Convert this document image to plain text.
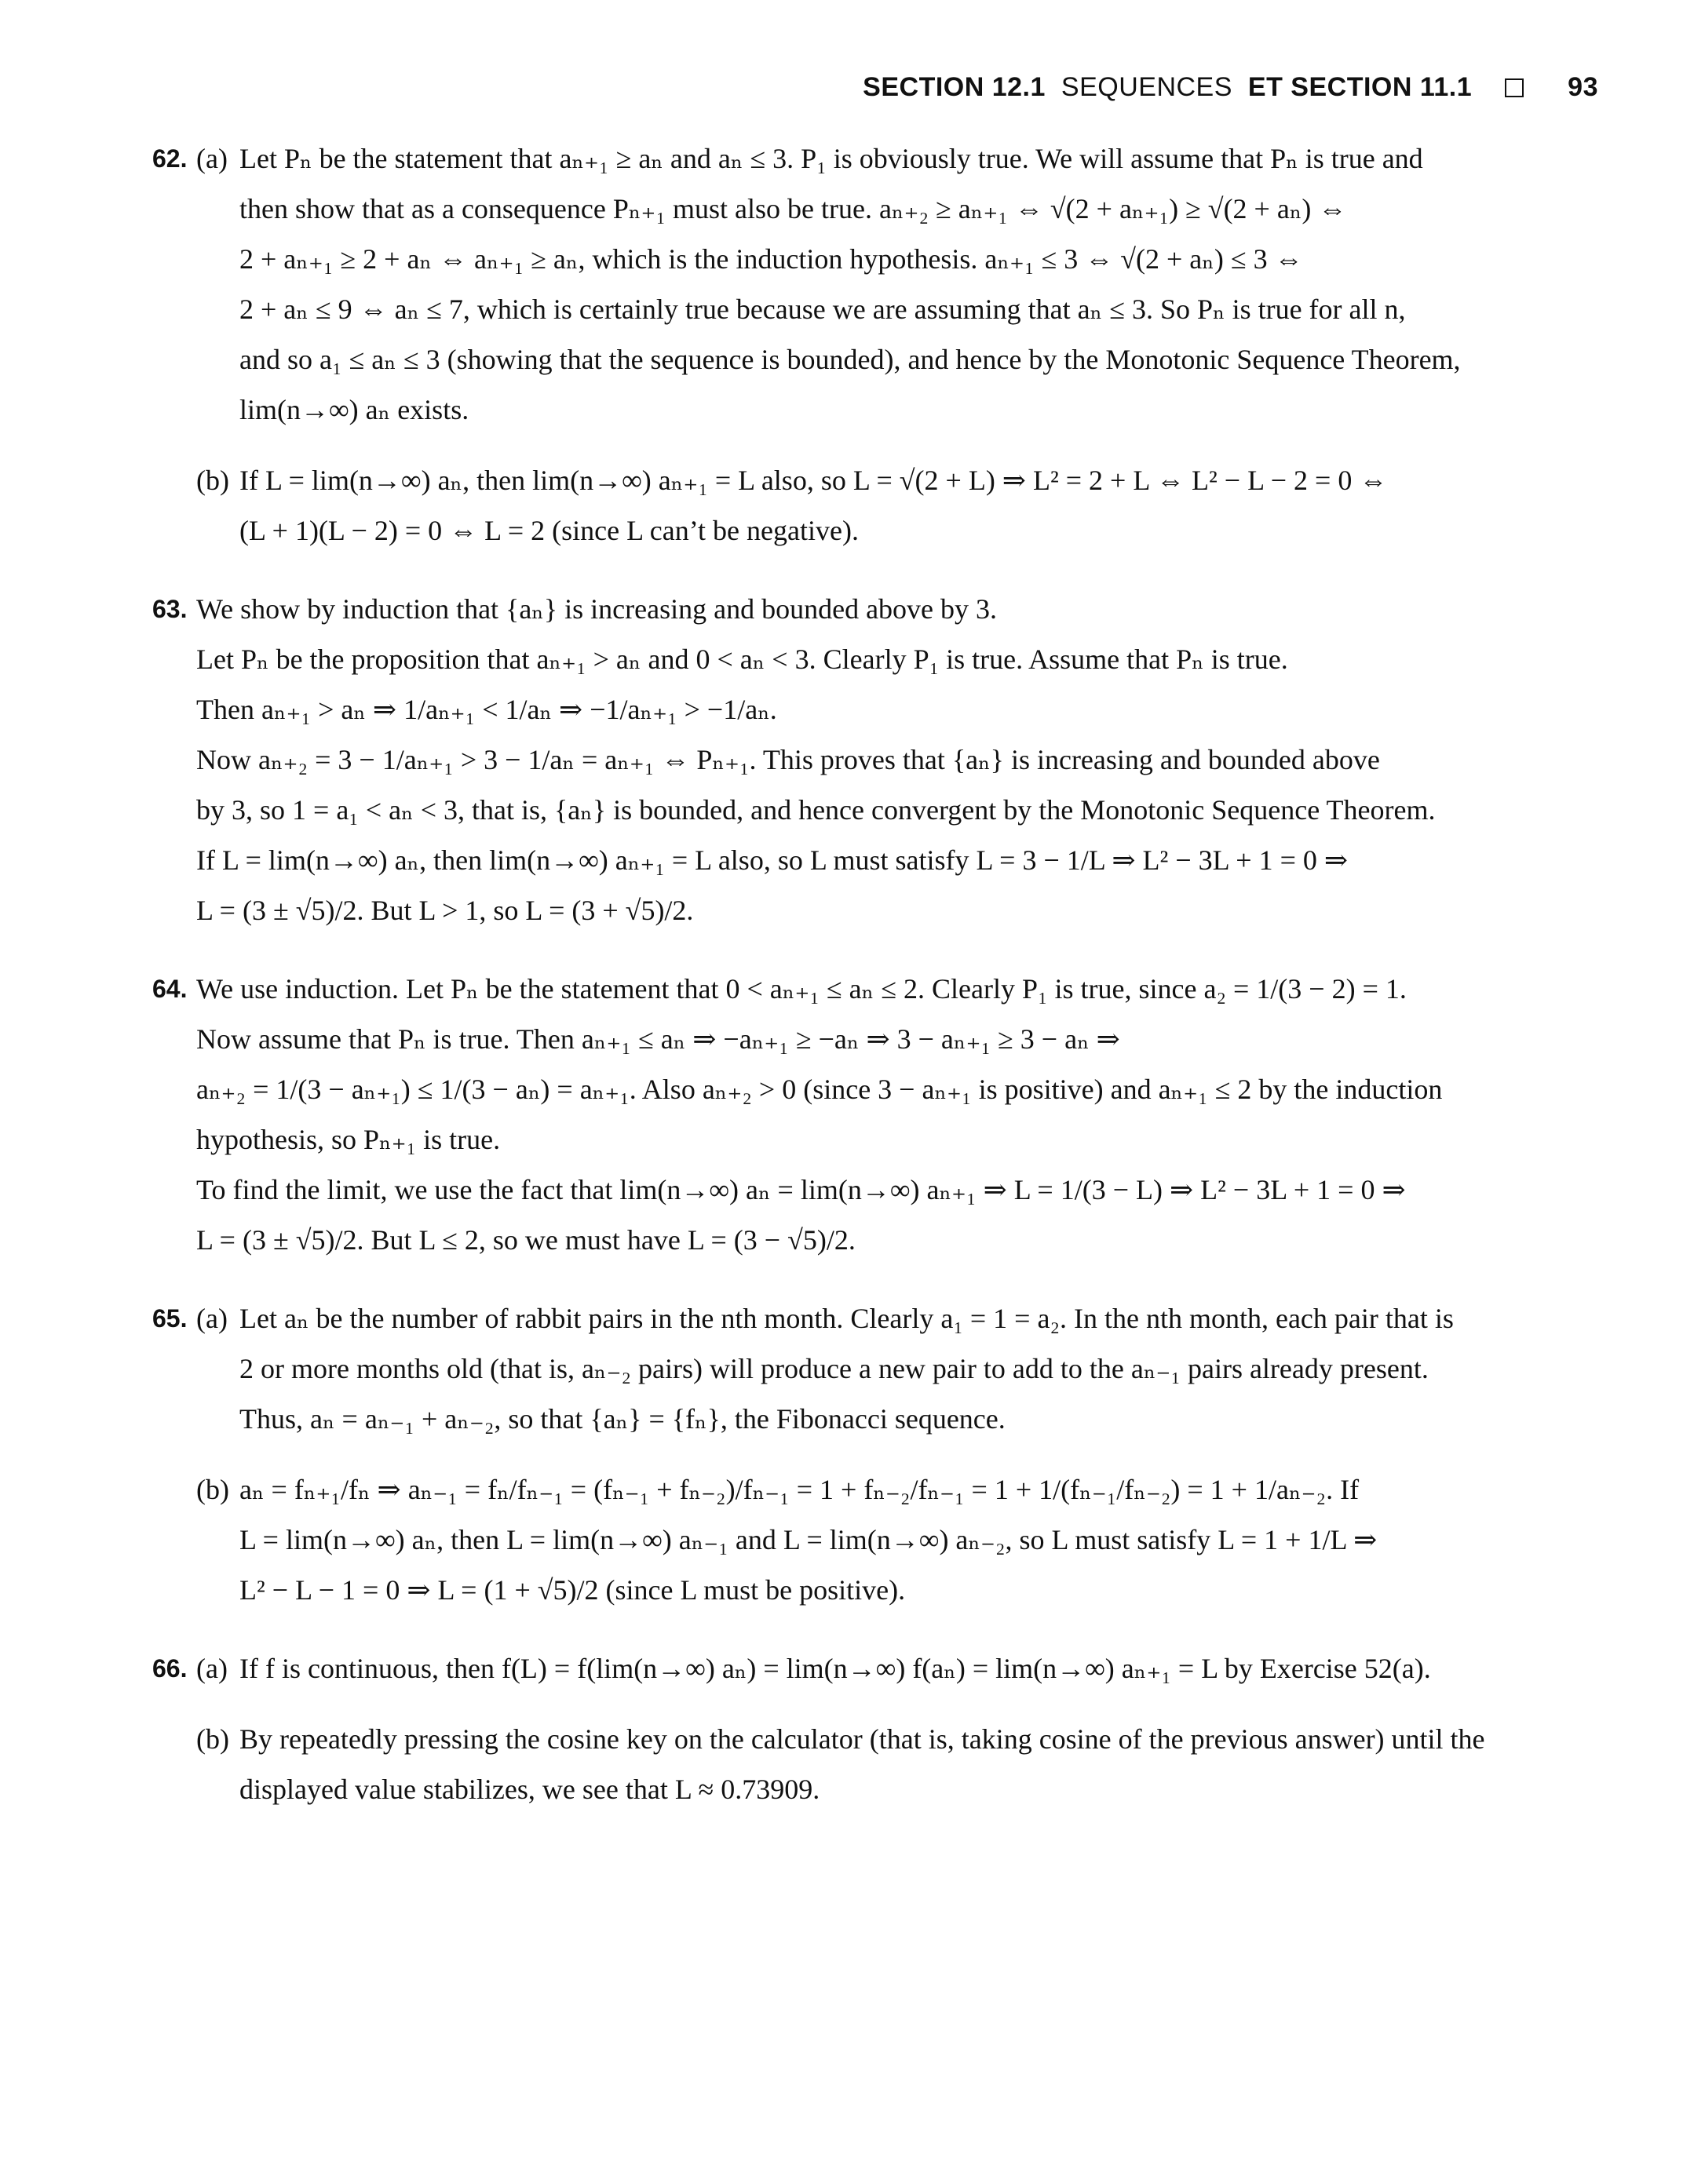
SECTION 12.1 SEQUENCES ET SECTION 11.1	93
62. (a) Let Pₙ be the statement that aₙ₊₁ ≥ aₙ and aₙ ≤ 3. P₁ is obviously true. We will assume that Pₙ is true and
then show that as a consequence Pₙ₊₁ must also be true. aₙ₊₂ ≥ aₙ₊₁ ⇔ √(2 + aₙ₊₁) ≥ √(2 + aₙ) ⇔
2 + aₙ₊₁ ≥ 2 + aₙ ⇔ aₙ₊₁ ≥ aₙ, which is the induction hypothesis. aₙ₊₁ ≤ 3 ⇔ √(2 + aₙ) ≤ 3 ⇔
2 + aₙ ≤ 9 ⇔ aₙ ≤ 7, which is certainly true because we are assuming that aₙ ≤ 3. So Pₙ is true for all n,
and so a₁ ≤ aₙ ≤ 3 (showing that the sequence is bounded), and hence by the Monotonic Sequence Theorem,
lim(n→∞) aₙ exists.
(b) If L = lim(n→∞) aₙ, then lim(n→∞) aₙ₊₁ = L also, so L = √(2 + L) ⇒ L² = 2 + L ⇔ L² − L − 2 = 0 ⇔
(L + 1)(L − 2) = 0 ⇔ L = 2 (since L can’t be negative).
63. We show by induction that {aₙ} is increasing and bounded above by 3.
Let Pₙ be the proposition that aₙ₊₁ > aₙ and 0 < aₙ < 3. Clearly P₁ is true. Assume that Pₙ is true.
Then aₙ₊₁ > aₙ ⇒ 1/aₙ₊₁ < 1/aₙ ⇒ −1/aₙ₊₁ > −1/aₙ.
Now aₙ₊₂ = 3 − 1/aₙ₊₁ > 3 − 1/aₙ = aₙ₊₁ ⇔ Pₙ₊₁. This proves that {aₙ} is increasing and bounded above
by 3, so 1 = a₁ < aₙ < 3, that is, {aₙ} is bounded, and hence convergent by the Monotonic Sequence Theorem.
If L = lim(n→∞) aₙ, then lim(n→∞) aₙ₊₁ = L also, so L must satisfy L = 3 − 1/L ⇒ L² − 3L + 1 = 0 ⇒
L = (3 ± √5)/2. But L > 1, so L = (3 + √5)/2.
64. We use induction. Let Pₙ be the statement that 0 < aₙ₊₁ ≤ aₙ ≤ 2. Clearly P₁ is true, since a₂ = 1/(3 − 2) = 1.
Now assume that Pₙ is true. Then aₙ₊₁ ≤ aₙ ⇒ −aₙ₊₁ ≥ −aₙ ⇒ 3 − aₙ₊₁ ≥ 3 − aₙ ⇒
aₙ₊₂ = 1/(3 − aₙ₊₁) ≤ 1/(3 − aₙ) = aₙ₊₁. Also aₙ₊₂ > 0 (since 3 − aₙ₊₁ is positive) and aₙ₊₁ ≤ 2 by the induction
hypothesis, so Pₙ₊₁ is true.
To find the limit, we use the fact that lim(n→∞) aₙ = lim(n→∞) aₙ₊₁ ⇒ L = 1/(3 − L) ⇒ L² − 3L + 1 = 0 ⇒
L = (3 ± √5)/2. But L ≤ 2, so we must have L = (3 − √5)/2.
65. (a) Let aₙ be the number of rabbit pairs in the nth month. Clearly a₁ = 1 = a₂. In the nth month, each pair that is
2 or more months old (that is, aₙ₋₂ pairs) will produce a new pair to add to the aₙ₋₁ pairs already present.
Thus, aₙ = aₙ₋₁ + aₙ₋₂, so that {aₙ} = {fₙ}, the Fibonacci sequence.
(b) aₙ = fₙ₊₁/fₙ ⇒ aₙ₋₁ = fₙ/fₙ₋₁ = (fₙ₋₁ + fₙ₋₂)/fₙ₋₁ = 1 + fₙ₋₂/fₙ₋₁ = 1 + 1/(fₙ₋₁/fₙ₋₂) = 1 + 1/aₙ₋₂. If
L = lim(n→∞) aₙ, then L = lim(n→∞) aₙ₋₁ and L = lim(n→∞) aₙ₋₂, so L must satisfy L = 1 + 1/L ⇒
L² − L − 1 = 0 ⇒ L = (1 + √5)/2 (since L must be positive).
66. (a) If f is continuous, then f(L) = f(lim(n→∞) aₙ) = lim(n→∞) f(aₙ) = lim(n→∞) aₙ₊₁ = L by Exercise 52(a).
(b) By repeatedly pressing the cosine key on the calculator (that is, taking cosine of the previous answer) until the
displayed value stabilizes, we see that L ≈ 0.73909.
